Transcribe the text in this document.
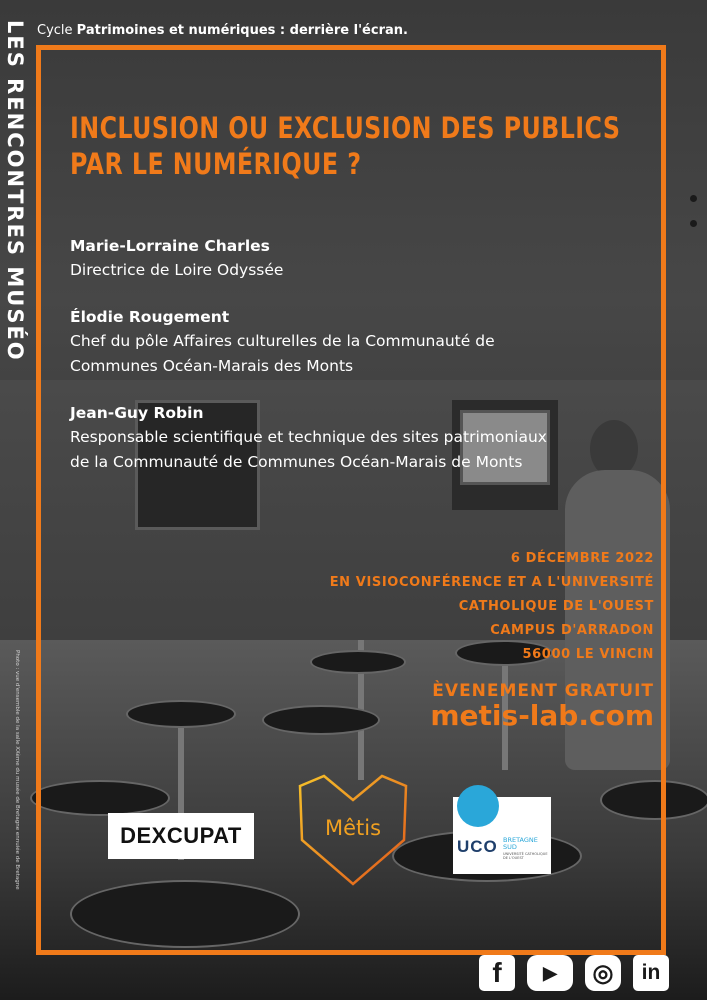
LES RENCONTRES MUSÉO Cycle Patrimoines et numériques : derrière l'écran.
INCLUSION OU EXCLUSION DES PUBLICS
PAR LE NUMÉRIQUE ?
Marie-Lorraine Charles
Directrice de Loire Odyssée
Élodie Rougement
Chef du pôle Affaires culturelles de la Communauté de
Communes Océan-Marais des Monts
Jean-Guy Robin
Responsable scientifique et technique des sites patrimoniaux
de la Communauté de Communes Océan-Marais de Monts
6 DÉCEMBRE 2022
EN VISIOCONFÉRENCE ET A L'UNIVERSITÉ
CATHOLIQUE DE L'OUEST
CAMPUS D'ARRADON
56000 LE VINCIN
ÈVENEMENT GRATUIT
metis-lab.com
Photo : vue d'ensemble de la salle XXème du musée de Bretagne ennuiée de Bretagne	DEXCUPAT	Mêtis
UCO BRETAGNE
SUD
UNIVERSITÉ CATHOLIQUE DE L'OUEST
f	▶	◎	in
